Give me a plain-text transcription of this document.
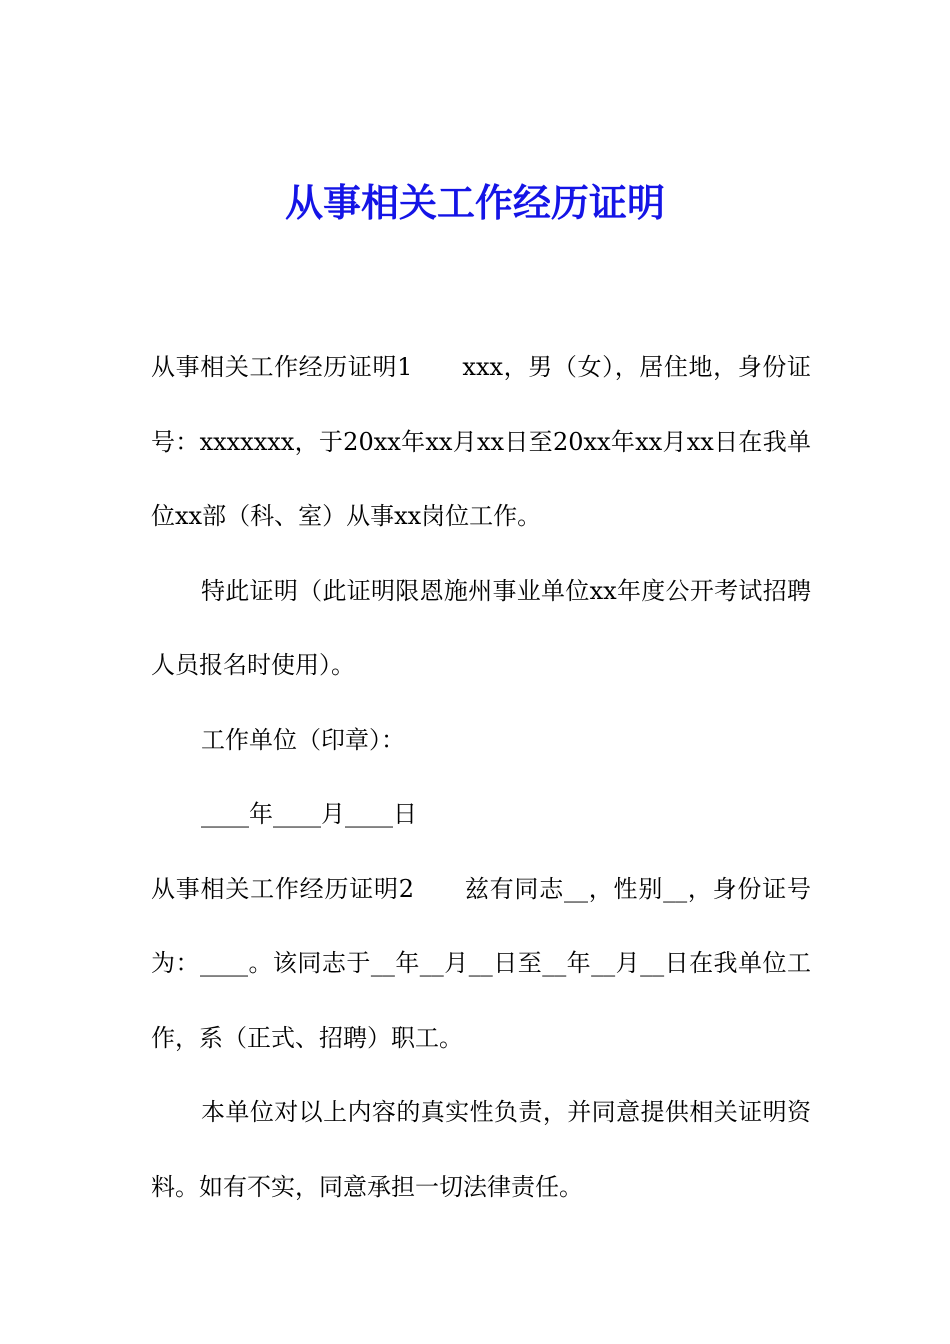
从事相关工作经历证明

从事相关工作经历证明1 xxx，男（女），居住地，身份证号：xxxxxxx，于20xx年xx月xx日至20xx年xx月xx日在我单位xx部（科、室）从事xx岗位工作。

特此证明（此证明限恩施州事业单位xx年度公开考试招聘人员报名时使用）。

工作单位（印章）：

____年____月____日

从事相关工作经历证明2 兹有同志__，性别__，身份证号为：____。该同志于__年__月__日至__年__月__日在我单位工作，系（正式、招聘）职工。

本单位对以上内容的真实性负责，并同意提供相关证明资料。如有不实，同意承担一切法律责任。
